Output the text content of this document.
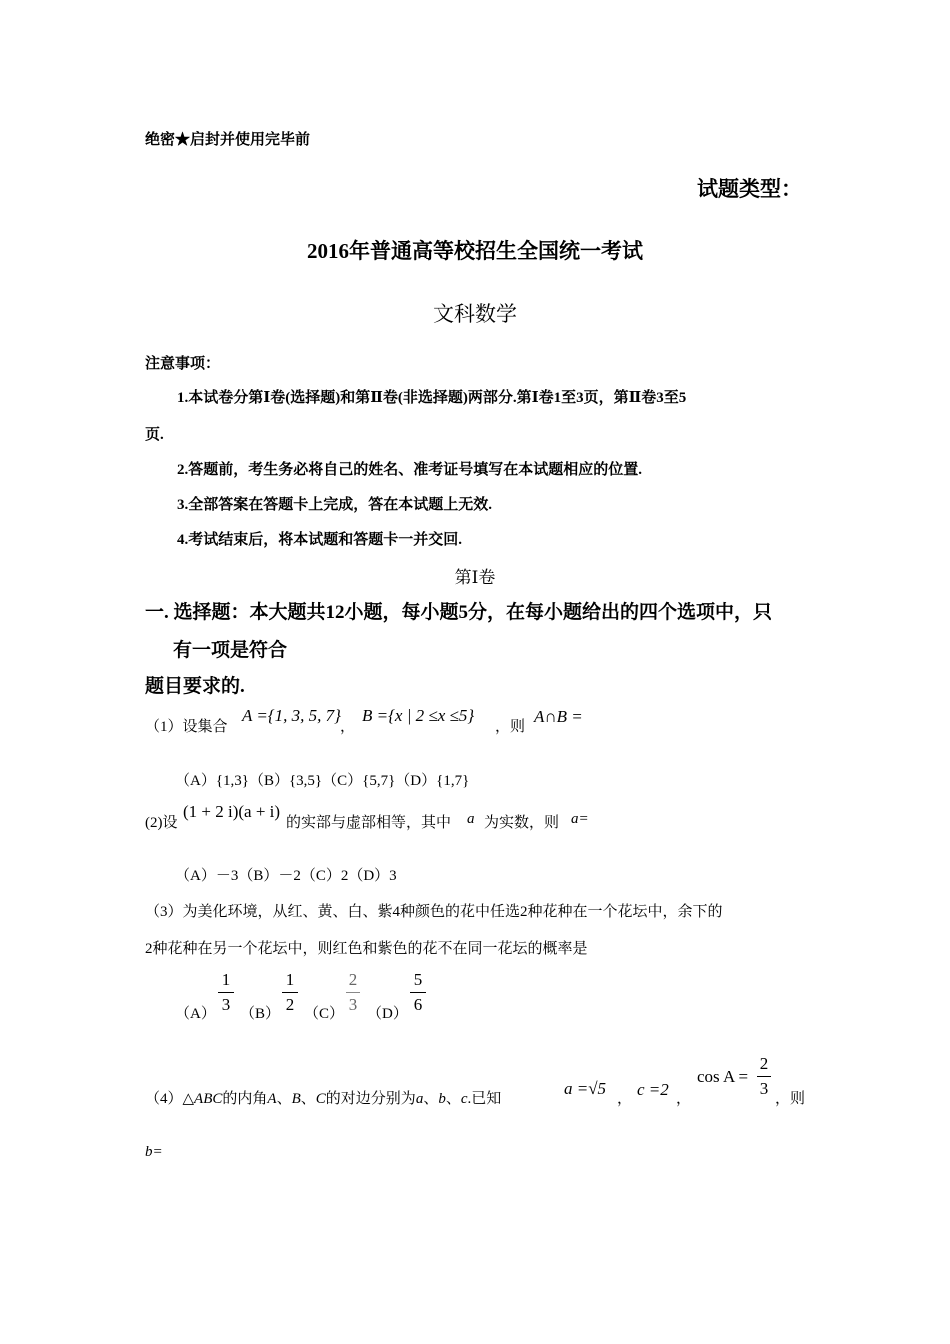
绝密★启封并使用完毕前
试题类型：
2016年普通高等校招生全国统一考试
文科数学
注意事项：
1.本试卷分第Ⅰ卷(选择题)和第Ⅱ卷(非选择题)两部分.第Ⅰ卷1至3页，第Ⅱ卷3至5
页.
2.答题前，考生务必将自己的姓名、准考证号填写在本试题相应的位置.
3.全部答案在答题卡上完成，答在本试题上无效.
4.考试结束后，将本试题和答题卡一并交回.
第Ⅰ卷
一. 选择题：本大题共12小题，每小题5分，在每小题给出的四个选项中，只
有一项是符合
题目要求的.
（1）设集合
A ={1, 3, 5, 7}
，
B ={x | 2 ≤x ≤5}
，则
A∩B =
（A）{1,3}（B）{3,5}（C）{5,7}（D）{1,7}
(2)设
(1 + 2 i)(a + i)
的实部与虚部相等，其中 a 为实数，则 a=
（A）－3（B）－2（C）2（D）3
（3）为美化环境，从红、黄、白、紫4种颜色的花中任选2种花种在一个花坛中，余下的
2种花种在另一个花坛中，则红色和紫色的花不在同一花坛的概率是
（A）
1
3 （B）
1
2 （C）
2
3 （D）
5
6
（4）△ABC的内角A、B、C的对边分别为a、b、c.已知
a =√5
， c =2 ，
cos A =
2
3
，则
b=
